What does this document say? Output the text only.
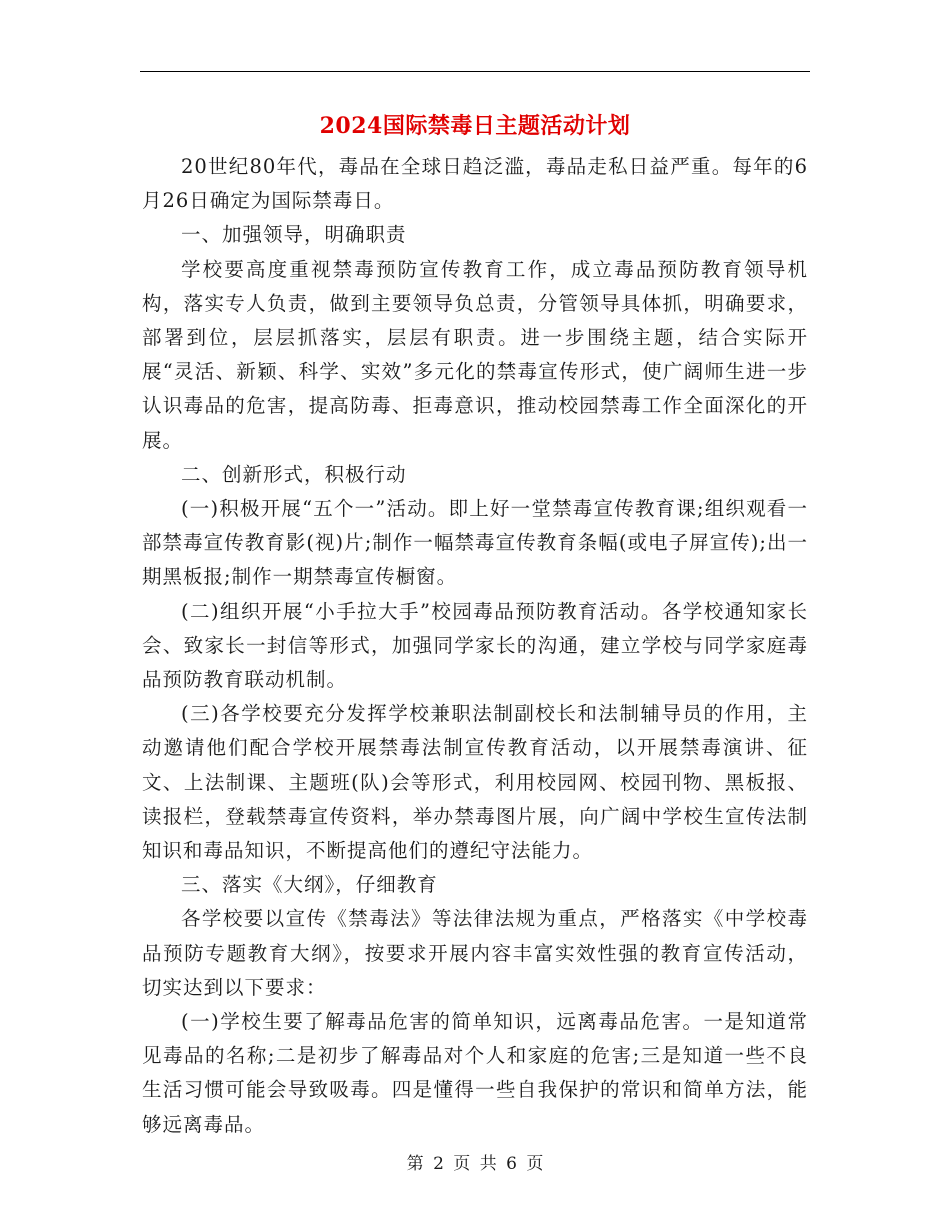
2024国际禁毒日主题活动计划

20世纪80年代，毒品在全球日趋泛滥，毒品走私日益严重。每年的6月26日确定为国际禁毒日。

一、加强领导，明确职责

学校要高度重视禁毒预防宣传教育工作，成立毒品预防教育领导机构，落实专人负责，做到主要领导负总责，分管领导具体抓，明确要求，部署到位，层层抓落实，层层有职责。进一步围绕主题，结合实际开展“灵活、新颖、科学、实效”多元化的禁毒宣传形式，使广阔师生进一步认识毒品的危害，提高防毒、拒毒意识，推动校园禁毒工作全面深化的开展。

二、创新形式，积极行动

(一)积极开展“五个一”活动。即上好一堂禁毒宣传教育课;组织观看一部禁毒宣传教育影(视)片;制作一幅禁毒宣传教育条幅(或电子屏宣传);出一期黑板报;制作一期禁毒宣传橱窗。

(二)组织开展“小手拉大手”校园毒品预防教育活动。各学校通知家长会、致家长一封信等形式，加强同学家长的沟通，建立学校与同学家庭毒品预防教育联动机制。

(三)各学校要充分发挥学校兼职法制副校长和法制辅导员的作用，主动邀请他们配合学校开展禁毒法制宣传教育活动，以开展禁毒演讲、征文、上法制课、主题班(队)会等形式，利用校园网、校园刊物、黑板报、读报栏，登载禁毒宣传资料，举办禁毒图片展，向广阔中学校生宣传法制知识和毒品知识，不断提高他们的遵纪守法能力。

三、落实《大纲》，仔细教育

各学校要以宣传《禁毒法》等法律法规为重点，严格落实《中学校毒品预防专题教育大纲》，按要求开展内容丰富实效性强的教育宣传活动，切实达到以下要求：

(一)学校生要了解毒品危害的简单知识，远离毒品危害。一是知道常见毒品的名称;二是初步了解毒品对个人和家庭的危害;三是知道一些不良生活习惯可能会导致吸毒。四是懂得一些自我保护的常识和简单方法，能够远离毒品。

第 2 页 共 6 页
